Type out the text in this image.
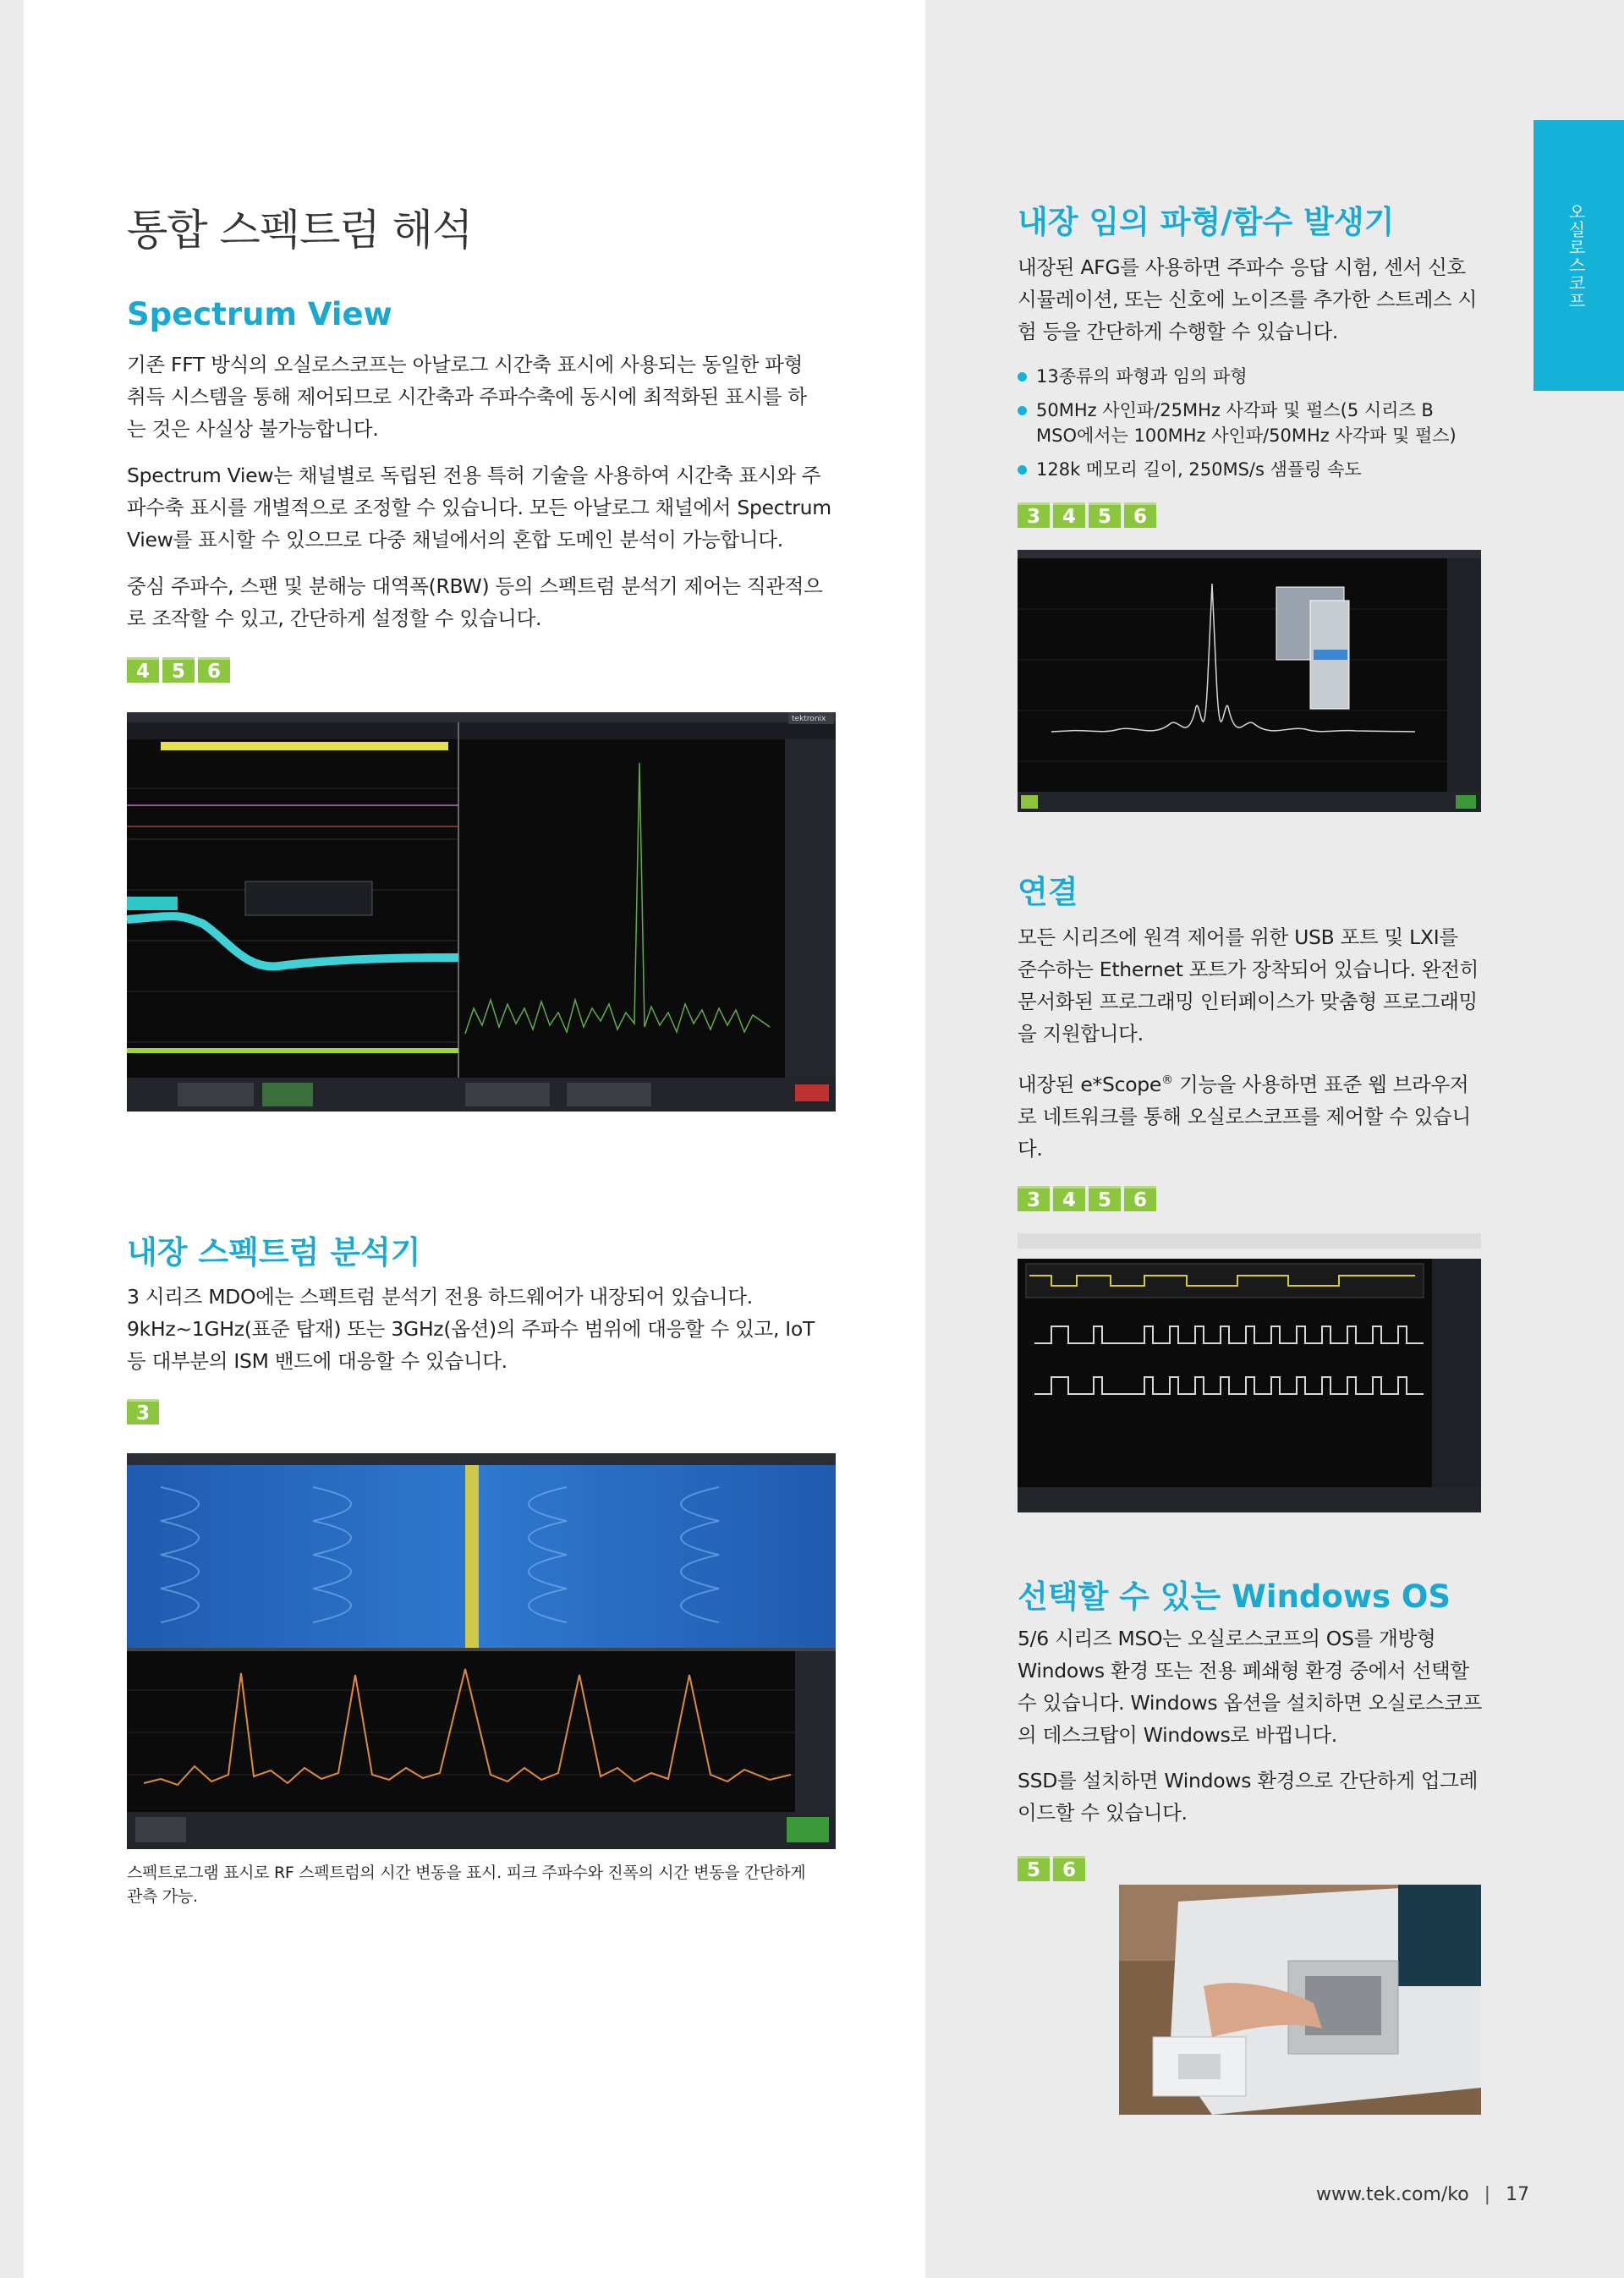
오실로스코프
통합 스펙트럼 해석
Spectrum View
기존 FFT 방식의 오실로스코프는 아날로그 시간축 표시에 사용되는 동일한 파형
취득 시스템을 통해 제어되므로 시간축과 주파수축에 동시에 최적화된 표시를 하
는 것은 사실상 불가능합니다.
Spectrum View는 채널별로 독립된 전용 특허 기술을 사용하여 시간축 표시와 주
파수축 표시를 개별적으로 조정할 수 있습니다. 모든 아날로그 채널에서 Spectrum
View를 표시할 수 있으므로 다중 채널에서의 혼합 도메인 분석이 가능합니다.
중심 주파수, 스팬 및 분해능 대역폭(RBW) 등의 스펙트럼 분석기 제어는 직관적으
로 조작할 수 있고, 간단하게 설정할 수 있습니다.
4	5	6
tektronix
내장 스펙트럼 분석기
3 시리즈 MDO에는 스펙트럼 분석기 전용 하드웨어가 내장되어 있습니다.
9kHz~1GHz(표준 탑재) 또는 3GHz(옵션)의 주파수 범위에 대응할 수 있고, IoT
등 대부분의 ISM 밴드에 대응할 수 있습니다.
3
스펙트로그램 표시로 RF 스펙트럼의 시간 변동을 표시. 피크 주파수와 진폭의 시간 변동을 간단하게
관측 가능.
내장 임의 파형/함수 발생기
내장된 AFG를 사용하면 주파수 응답 시험, 센서 신호
시뮬레이션, 또는 신호에 노이즈를 추가한 스트레스 시
험 등을 간단하게 수행할 수 있습니다.
13종류의 파형과 임의 파형
50MHz 사인파/25MHz 사각파 및 펄스(5 시리즈 B
MSO에서는 100MHz 사인파/50MHz 사각파 및 펄스)
128k 메모리 길이, 250MS/s 샘플링 속도
3	4	5	6
연결
모든 시리즈에 원격 제어를 위한 USB 포트 및 LXI를
준수하는 Ethernet 포트가 장착되어 있습니다. 완전히
문서화된 프로그래밍 인터페이스가 맞춤형 프로그래밍
을 지원합니다.
내장된 e*Scope® 기능을 사용하면 표준 웹 브라우저
로 네트워크를 통해 오실로스코프를 제어할 수 있습니
다.
3	4	5	6
선택할 수 있는 Windows OS
5/6 시리즈 MSO는 오실로스코프의 OS를 개방형
Windows 환경 또는 전용 폐쇄형 환경 중에서 선택할
수 있습니다. Windows 옵션을 설치하면 오실로스코프
의 데스크탑이 Windows로 바뀝니다.
SSD를 설치하면 Windows 환경으로 간단하게 업그레
이드할 수 있습니다.
5	6
www.tek.com/ko | 17
